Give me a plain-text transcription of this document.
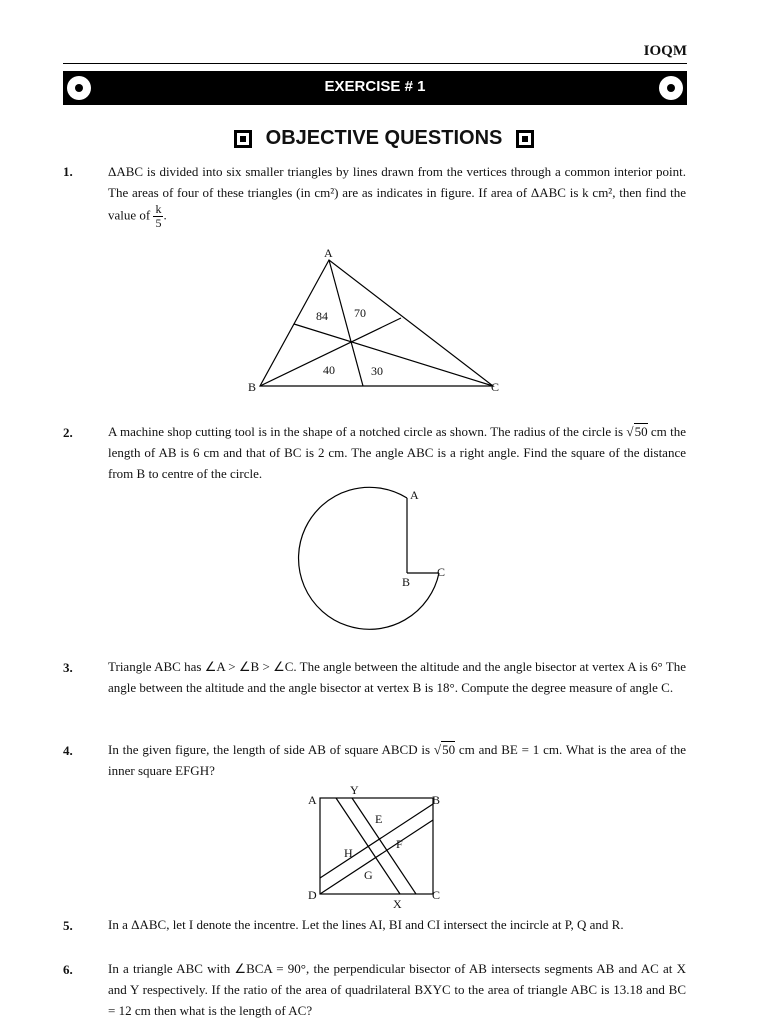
IOQM
EXERCISE # 1
OBJECTIVE QUESTIONS
1.	ΔABC is divided into six smaller triangles by lines drawn from the vertices through a common interior point. The areas of four of these triangles (in cm²) are as indicates in figure. If area of ΔABC is k cm², then find the value of $\frac{k}{5}$ .

A
B	C
84 70
40	30
2.	A machine shop cutting tool is in the shape of a notched circle as shown. The radius of the circle is √50 cm the length of AB is 6 cm and that of BC is 2 cm. The angle ABC is a right angle. Find the square of the distance from B to centre of the circle.

A
B
C
3.	Triangle ABC has ∠A > ∠B > ∠C. The angle between the altitude and the angle bisector at vertex A is 6° The angle between the altitude and the angle bisector at vertex B is 18°. Compute the degree measure of angle C.
4.	In the given figure, the length of side AB of square ABCD is √50 cm and BE = 1 cm. What is the area of the inner square EFGH?

A
Y
B
E
F
H
G
D
X
C
5.	In a ΔABC, let I denote the incentre. Let the lines AI, BI and CI intersect the incircle at P, Q and R.
6.	In a triangle ABC with ∠BCA = 90°, the perpendicular bisector of AB intersects segments AB and AC at X and Y respectively. If the ratio of the area of quadrilateral BXYC to the area of triangle ABC is 13.18 and BC = 12 cm then what is the length of AC?
